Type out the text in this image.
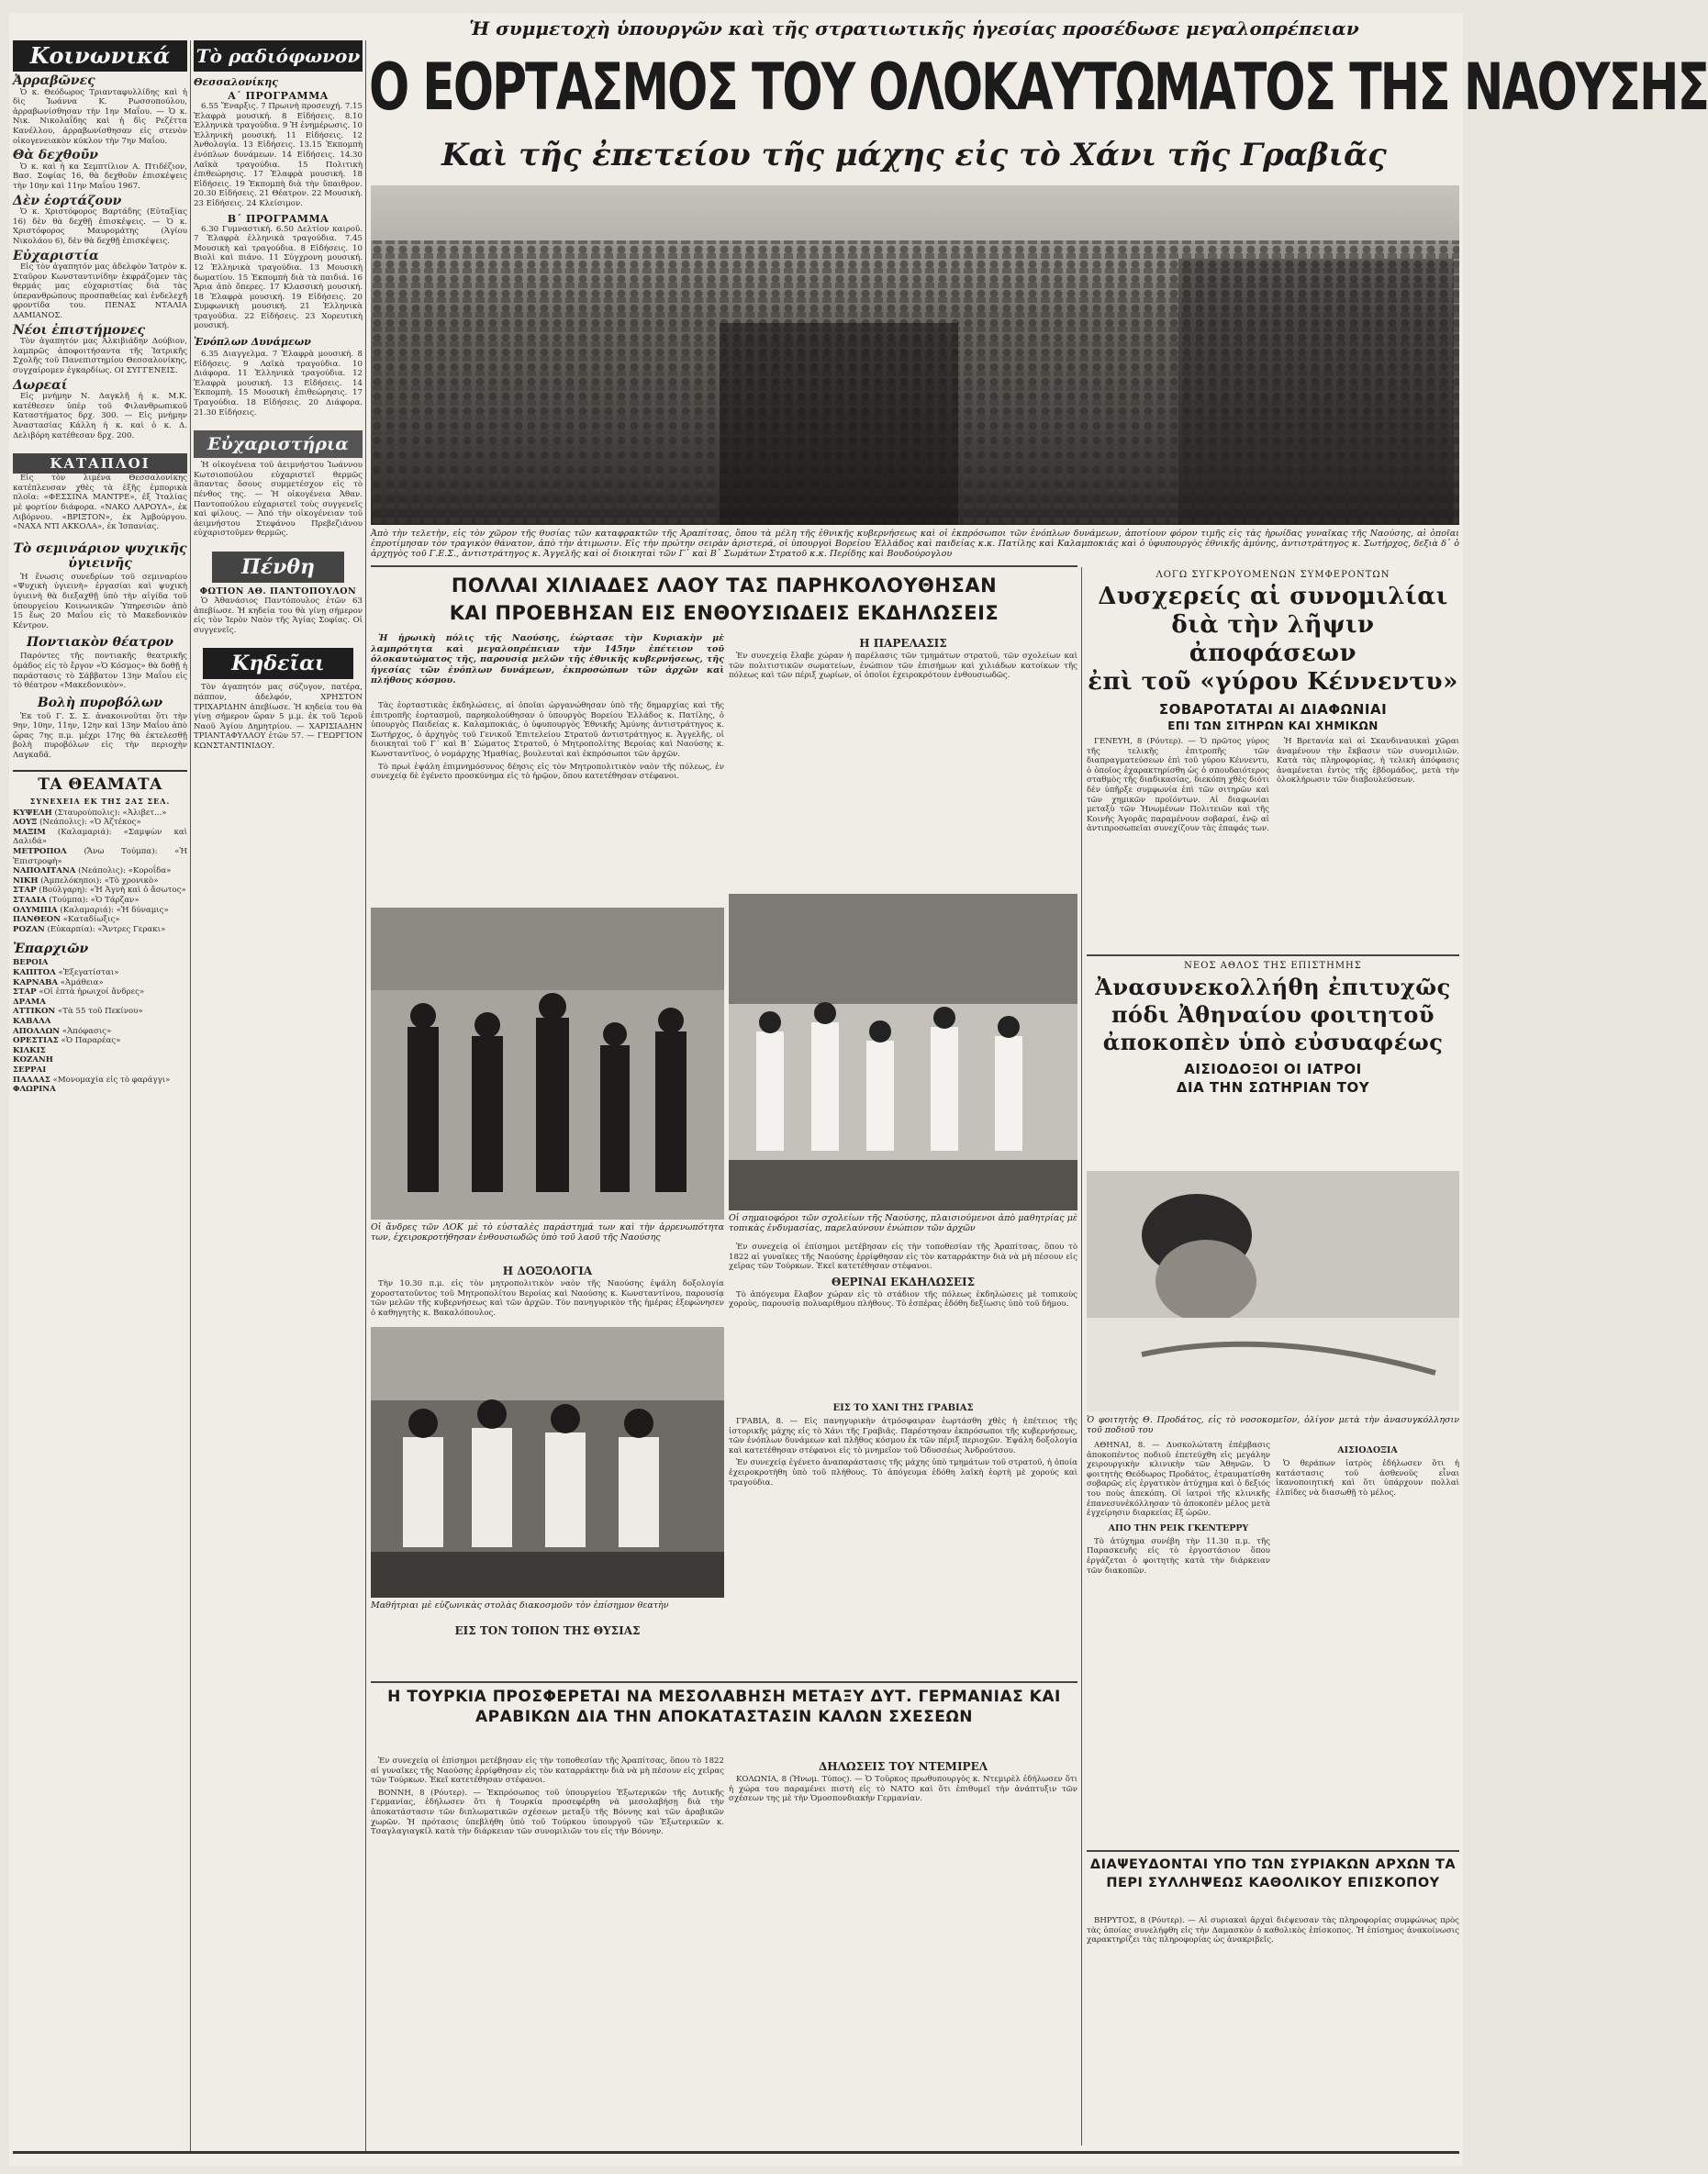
Κοινωνικά
Ἀρραβῶνες

Ὁ κ. Θεόδωρος Τριανταφυλλίδης καὶ ἡ δὶς Ἰωάννα Κ. Ρωσσοπούλου, ἀρραβωνίσθησαν τὴν 1ην Μαΐου. — Ὁ κ. Νικ. Νικολαΐδης καὶ ἡ δὶς Ρεζέττα Κανέλλου, ἀρραβωνίσθησαν εἰς στενὸν οἰκογενειακὸν κύκλον τὴν 7ην Μαΐου.

Θὰ δεχθοῦν

Ὁ κ. καὶ ἡ κα Σεμπτίλιον Α. Πτιδέζιον, Βασ. Σοφίας 16, θὰ δεχθοῦν ἐπισκέψεις τὴν 10ην καὶ 11ην Μαΐου 1967.

Δὲν ἑορτάζουν

Ὁ κ. Χριστόφορος Βαρτάδης (Εὐταξίας 16) δὲν θὰ δεχθῇ ἐπισκέψεις. — Ὁ κ. Χριστόφορος Μαυρομάτης (Ἁγίου Νικολάου 6), δὲν θὰ δεχθῇ ἐπισκέψεις.

Εὐχαριστία

Εἰς τὸν ἀγαπητόν μας ἀδελφὸν Ἰατρὸν κ. Σταῦρον Κωνσταντινίδην ἐκφράζομεν τὰς θερμάς μας εὐχαριστίας διὰ τὰς ὑπερανθρώπους προσπαθείας καὶ ἐνδελεχῆ φροντίδα του. ΠΕΝΑΣ ΝΤΑΛΙΑ ΔΑΜΙΑΝΟΣ.

Νέοι ἐπιστήμονες

Τὸν ἀγαπητόν μας Ἀλκιβιάδην Δούβιον, λαμπρῶς ἀποφοιτήσαντα τῆς Ἰατρικῆς Σχολῆς τοῦ Πανεπιστημίου Θεσσαλονίκης, συγχαίρομεν ἐγκαρδίως. ΟΙ ΣΥΓΓΕΝΕΙΣ.

Δωρεαί

Εἰς μνήμην Ν. Δαγκλῆ ἡ κ. Μ.Κ. κατέθεσεν ὑπὲρ τοῦ Φιλανθρωπικοῦ Καταστήματος δρχ. 300. — Εἰς μνήμην Ἀναστασίας Κάλλη ἡ κ. καὶ ὁ κ. Δ. Δελιβόρη κατέθεσαν δρχ. 200.

ΚΑΤΑΠΛΟΙ

Εἰς τὸν λιμένα Θεσσαλονίκης κατέπλευσαν χθὲς τὰ ἑξῆς ἐμπορικὰ πλοῖα: «ΦΕΣΣΙΝΑ ΜΑΝΤΡΕ», ἐξ Ἰταλίας μὲ φορτίον διάφορα. «ΝΑΚΟ ΛΑΡΟΥΛ», ἐκ Λιβόρνου. «ΒΡΙΞΤΟΝ», ἐκ Ἀμβούργου. «ΝΑΧΑ ΝΤΙ ΑΚΚΟΛΑ», ἐκ Ἰσπανίας.

Τὸ σεμινάριον ψυχικῆς ὑγιεινῆς

Ἡ ἕνωσις συνεδρίων τοῦ σεμιναρίου «Ψυχικὴ ὑγιεινὴ» ἐργασίαι καὶ ψυχικὴ ὑγιεινὴ θὰ διεξαχθῇ ὑπὸ τὴν αἰγίδα τοῦ ὑπουργείου Κοινωνικῶν Ὑπηρεσιῶν ἀπὸ 15 ἕως 20 Μαΐου εἰς τὸ Μακεδονικὸν Κέντρον.

Ποντιακὸν θέατρον

Παρόντες τῆς ποντιακῆς θεατρικῆς ὁμάδος εἰς τὸ ἔργον «Ὁ Κόσμος» θὰ δοθῇ ἡ παράστασις τὸ Σάββατον 13ην Μαΐου εἰς τὸ θέατρον «Μακεδονικὸν».

Βολὴ πυροβόλων

Ἐκ τοῦ Γ. Σ. Σ. ἀνακοινοῦται ὅτι τὴν 9ην, 10ην, 11ην, 12ην καὶ 13ην Μαΐου ἀπὸ ὥρας 7ης π.μ. μέχρι 17ης θὰ ἐκτελεσθῇ βολὴ πυροβόλων εἰς τὴν περιοχὴν Λαγκαδᾶ.

ΤΑ ΘΕΑΜΑΤΑ
ΣΥΝΕΧΕΙΑ ΕΚ ΤΗΣ 2ΑΣ ΣΕΛ.
ΚΥΨΕΛΗ (Σταυρούπολις): «Ἀλιβετ...»
ΛΟΥΞ (Νεάπολις): «Ὁ Ἀζτέκος»
ΜΑΞΙΜ (Καλαμαριά): «Σαμψὼν καὶ Δαλιδά»
ΜΕΤΡΟΠΟΛ (Ἄνω Τούμπα): «Ἡ Ἐπιστροφὴ»
ΝΑΠΟΛΙΤΑΝΑ (Νεάπολις): «Κοροΐδα»
ΝΙΚΗ (Ἀμπελόκηποι): «Τὸ χρονικὸ»
ΣΤΑΡ (Βούλγαρη): «Ἡ Ἀγνὴ καὶ ὁ ἄσωτος»
ΣΤΑΔΙΑ (Τούμπα): «Ὁ Τάρζαν»
ΟΛΥΜΠΙΑ (Καλαμαριά): «Ἡ δύναμις»
ΠΑΝΘΕΟΝ «Καταδίωξις»
ΡΟΖΑΝ (Εὐκαρπία): «Ἄντρες Γερακι»
Ἐπαρχιῶν
ΒΕΡΟΙΑ
ΚΑΠΙΤΟΛ «Ἐξεγατίσται»
ΚΑΡΝΑΒΑ «Ἀμάθεια»
ΣΤΑΡ «Οἱ ἑπτὰ ἠρωιχοί ἄνδρες»
ΔΡΑΜΑ
ΑΤΤΙΚΟΝ «Τὰ 55 τοῦ Πεκίνου»
ΚΑΒΑΛΑ
ΑΠΟΛΛΩΝ «Ἀπόφασις»
ΟΡΕΣΤΙΑΣ «Ὁ Παραρέας»
ΚΙΛΚΙΣ
ΚΟΖΑΝΗ
ΣΕΡΡΑΙ
ΠΑΛΛΑΣ «Μονομαχία εἰς τὸ φαράγγι»
ΦΛΩΡΙΝΑ
Τὸ ραδιόφωνον
Θεσσαλονίκης
Α΄ ΠΡΟΓΡΑΜΜΑ

6.55 Ἔναρξις. 7 Πρωινὴ προσευχή. 7.15 Ἐλαφρὰ μουσική. 8 Εἰδήσεις. 8.10 Ἑλληνικὰ τραγούδια. 9 Ἡ ἐνημέρωσις. 10 Ἑλληνικὴ μουσική. 11 Εἰδήσεις. 12 Ἀνθολογία. 13 Εἰδήσεις. 13.15 Ἐκπομπὴ ἐνόπλων δυνάμεων. 14 Εἰδήσεις. 14.30 Λαϊκὰ τραγούδια. 15 Πολιτικὴ ἐπιθεώρησις. 17 Ἐλαφρὰ μουσική. 18 Εἰδήσεις. 19 Ἐκπομπὴ διὰ τὴν ὕπαιθρον. 20.30 Εἰδήσεις. 21 Θέατρον. 22 Μουσικὴ. 23 Εἰδήσεις. 24 Κλείσιμον.

Β΄ ΠΡΟΓΡΑΜΜΑ

6.30 Γυμναστική. 6.50 Δελτίον καιροῦ. 7 Ἐλαφρὰ ἑλληνικὰ τραγούδια. 7.45 Μουσικὴ καὶ τραγούδια. 8 Εἰδήσεις. 10 Βιολὶ καὶ πιάνο. 11 Σύγχρονη μουσική. 12 Ἑλληνικὰ τραγούδια. 13 Μουσικὴ δωματίου. 15 Ἐκπομπὴ διὰ τὰ παιδιά. 16 Ἄρια ἀπὸ ὄπερες. 17 Κλασσικὴ μουσική. 18 Ἐλαφρὰ μουσική. 19 Εἰδήσεις. 20 Συμφωνικὴ μουσική. 21 Ἑλληνικὰ τραγούδια. 22 Εἰδήσεις. 23 Χορευτικὴ μουσική.

Ἐνόπλων Δυνάμεων

6.35 Διαγγελμα. 7 Ἐλαφρὰ μουσική. 8 Εἰδήσεις. 9 Λαϊκὰ τραγούδια. 10 Διάφορα. 11 Ἑλληνικὰ τραγούδια. 12 Ἐλαφρὰ μουσική. 13 Εἰδήσεις. 14 Ἐκπομπὴ. 15 Μουσικὴ ἐπιθεώρησις. 17 Τραγούδια. 18 Εἰδήσεις. 20 Διάφορα. 21.30 Εἰδήσεις.

Εὐχαριστήρια

Ἡ οἰκογένεια τοῦ ἀειμνήστου Ἰωάννου Κωτσιοπούλου εὐχαριστεῖ θερμῶς ἅπαντας ὅσους συμμετέσχον εἰς τὸ πένθος της. — Ἡ οἰκογένεια Ἀθαν. Παντοπούλου εὐχαριστεῖ τοὺς συγγενεῖς καὶ φίλους. — Ἀπό τὴν οἰκογένειαν τοῦ ἀειμνήστου Στεφάνου Πρεβεζιάνου εὐχαριστοῦμεν θερμῶς.

Πένθη
ΦΩΤΙΟΝ ΑΘ. ΠΑΝΤΟΠΟΥΛΟΝ

Ὁ Ἀθανάσιος Παντόπουλος ἐτῶν 63 ἀπεβίωσε. Ἡ κηδεία του θὰ γίνῃ σήμερον εἰς τὸν Ἱερὸν Ναὸν τῆς Ἁγίας Σοφίας. Οἱ συγγενεῖς.

Κηδεῖαι

Τὸν ἀγαπητόν μας σύζυγον, πατέρα, πάππον, ἀδελφόν, ΧΡΗΣΤΟΝ ΤΡΙΧΑΡΙΔΗΝ ἀπεβίωσε. Ἡ κηδεία του θὰ γίνῃ σήμερον ὥραν 5 μ.μ. ἐκ τοῦ Ἱεροῦ Ναοῦ Ἁγίου Δημητρίου. — ΧΑΡΙΣΙΑΔΗΝ ΤΡΙΑΝΤΑΦΥΛΛΟΥ ἐτῶν 57. — ΓΕΩΡΓΙΟΝ ΚΩΝΣΤΑΝΤΙΝΙΔΟΥ.

Ἡ συμμετοχὴ ὑπουργῶν καὶ τῆς στρατιωτικῆς ἡγεσίας προσέδωσε μεγαλοπρέπειαν
Ο ΕΟΡΤΑΣΜΟΣ ΤΟΥ ΟΛΟΚΑΥΤΩΜΑΤΟΣ ΤΗΣ ΝΑΟΥΣΗΣ
Καὶ τῆς ἐπετείου τῆς μάχης εἰς τὸ Χάνι τῆς Γραβιᾶς
Ἀπὸ τὴν τελετὴν, εἰς τὸν χῶρον τῆς θυσίας τῶν καταφρακτῶν τῆς Ἀραπίτσας, ὅπου τὰ μέλη τῆς ἐθνικῆς κυβερνήσεως καὶ οἱ ἐκπρόσωποι τῶν ἐνόπλων δυνάμεων, ἀποτίουν φόρον τιμῆς εἰς τὰς ἡρωίδας γυναῖκας τῆς Ναούσης, αἱ ὁποῖαι ἐπροτίμησαν τὸν τραγικὸν θάνατον, ἀπὸ τὴν ἀτιμωσιν. Εἰς τὴν πρώτην σειρὰν ἀριστερά, οἱ ὑπουργοὶ Βορείου Ἑλλάδος καὶ παιδείας κ.κ. Πατίλης καὶ Καλαμποκιάς καὶ ὁ ὑφυπουργὸς ἐθνικῆς ἀμύνης, ἀντιστράτηγος κ. Σωτήρχος, δεξιὰ δ᾽ ὁ ἀρχηγὸς τοῦ Γ.Ε.Σ., ἀντιστράτηγος κ. Ἀγγελῆς καὶ οἱ διοικηταὶ τῶν Γ᾽ καὶ Β᾽ Σωμάτων Στρατοῦ κ.κ. Περίδης καὶ Βουδούρογλου
ΠΟΛΛΑΙ ΧΙΛΙΑΔΕΣ ΛΑΟΥ ΤΑΣ ΠΑΡΗΚΟΛΟΥΘΗΣΑΝ
ΚΑΙ ΠΡΟΕΒΗΣΑΝ ΕΙΣ ΕΝΘΟΥΣΙΩΔΕΙΣ ΕΚΔΗΛΩΣΕΙΣ

Ἡ ἡρωικὴ πόλις τῆς Ναούσης, ἑώρτασε τὴν Κυριακὴν μὲ λαμπρότητα καὶ μεγαλοπρέπειαν τὴν 145ην ἐπέτειον τοῦ ὁλοκαυτώματος τῆς, παρουσίᾳ μελῶν τῆς ἐθνικῆς κυβερνήσεως, τῆς ἡγεσίας τῶν ἐνόπλων δυνάμεων, ἐκπροσώπων τῶν ἀρχῶν καὶ πλήθους κόσμου.

Τὰς ἑορταστικὰς ἐκδηλώσεις, αἱ ὁποῖαι ὠργανώθησαν ὑπὸ τῆς δημαρχίας καὶ τῆς ἐπιτροπῆς ἑορτασμοῦ, παρηκολούθησαν ὁ ὑπουργὸς Βορείου Ἑλλάδος κ. Πατίλης, ὁ ὑπουργὸς Παιδείας κ. Καλαμποκιάς, ὁ ὑφυπουργὸς Ἐθνικῆς Ἀμύνης ἀντιστράτηγος κ. Σωτήρχος, ὁ ἀρχηγὸς τοῦ Γενικοῦ Ἐπιτελείου Στρατοῦ ἀντιστράτηγος κ. Ἀγγελῆς, οἱ διοικηταὶ τοῦ Γ΄ καὶ Β΄ Σώματος Στρατοῦ, ὁ Μητροπολίτης Βεροίας καὶ Ναούσης κ. Κωνσταντῖνος, ὁ νομάρχης Ἡμαθίας, βουλευταὶ καὶ ἐκπρόσωποι τῶν ἀρχῶν.

Τὸ πρωὶ ἐψάλη ἐπιμνημόσυνος δέησις εἰς τὸν Μητροπολιτικὸν ναὸν τῆς πόλεως, ἐν συνεχείᾳ δὲ ἐγένετο προσκύνημα εἰς τὸ ἡρῷον, ὅπου κατετέθησαν στέφανοι.

Η ΠΑΡΕΛΑΣΙΣ

Ἐν συνεχείᾳ ἔλαβε χώραν ἡ παρέλασις τῶν τμημάτων στρατοῦ, τῶν σχολείων καὶ τῶν πολιτιστικῶν σωματείων, ἐνώπιον τῶν ἐπισήμων καὶ χιλιάδων κατοίκων τῆς πόλεως καὶ τῶν πέριξ χωρίων, οἱ ὁποῖοι ἐχειροκρότουν ἐνθουσιωδῶς.

Οἱ ἄνδρες τῶν ΛΟΚ μὲ τὸ εὐσταλὲς παράστημά των καὶ τὴν ἀρρενωπότητα των, ἐχειροκροτήθησαν ἐνθουσιωδῶς ὑπὸ τοῦ λαοῦ τῆς Ναούσης
Οἱ σημαιοφόροι τῶν σχολείων τῆς Ναούσης, πλαισιούμενοι ἀπὸ μαθητρίας μὲ τοπικὰς ἐνδυμασίας, παρελαύνουν ἐνώπιον τῶν ἀρχῶν
Η ΔΟΞΟΛΟΓΙΑ

Τὴν 10.30 π.μ. εἰς τὸν μητροπολιτικὸν ναὸν τῆς Ναούσης ἐψάλη δοξολογία χοροστατοῦντος τοῦ Μητροπολίτου Βεροίας καὶ Ναούσης κ. Κωνσταντίνου, παρουσίᾳ τῶν μελῶν τῆς κυβερνήσεως καὶ τῶν ἀρχῶν. Τὸν πανηγυρικὸν τῆς ἡμέρας ἐξεφώνησεν ὁ καθηγητὴς κ. Βακαλόπουλος.

Μαθήτριαι μὲ εὐζωνικὰς στολὰς διακοσμοῦν τὸν ἐπίσημον θεατὴν

Ἐν συνεχείᾳ οἱ ἐπίσημοι μετέβησαν εἰς τὴν τοποθεσίαν τῆς Ἀραπίτσας, ὅπου τὸ 1822 αἱ γυναῖκες τῆς Ναούσης ἐρρίφθησαν εἰς τὸν καταρράκτην διὰ νὰ μὴ πέσουν εἰς χεῖρας τῶν Τούρκων. Ἐκεῖ κατετέθησαν στέφανοι.

ΘΕΡΙΝΑΙ ΕΚΔΗΛΩΣΕΙΣ

Τὸ ἀπόγευμα ἔλαβον χώραν εἰς τὸ στάδιον τῆς πόλεως ἐκδηλώσεις μὲ τοπικοὺς χοροὺς, παρουσίᾳ πολυαρίθμου πλήθους. Τὸ ἑσπέρας ἐδόθη δεξίωσις ὑπὸ τοῦ δήμου.

ΕΙΣ ΤΟΝ ΤΟΠΟΝ ΤΗΣ ΘΥΣΙΑΣ
Η ΤΟΥΡΚΙΑ ΠΡΟΣΦΕΡΕΤΑΙ ΝΑ ΜΕΣΟΛΑΒΗΣΗ ΜΕΤΑΞΥ ΔΥΤ. ΓΕΡΜΑΝΙΑΣ ΚΑΙ ΑΡΑΒΙΚΩΝ ΔΙΑ ΤΗΝ ΑΠΟΚΑΤΑΣΤΑΣΙΝ ΚΑΛΩΝ ΣΧΕΣΕΩΝ

Ἐν συνεχείᾳ οἱ ἐπίσημοι μετέβησαν εἰς τὴν τοποθεσίαν τῆς Ἀραπίτσας, ὅπου τὸ 1822 αἱ γυναῖκες τῆς Ναούσης ἐρρίφθησαν εἰς τὸν καταρράκτην διὰ νὰ μὴ πέσουν εἰς χεῖρας τῶν Τούρκων. Ἐκεῖ κατετέθησαν στέφανοι.

ΒΟΝΝΗ, 8 (Ρόυτερ). — Ἐκπρόσωπος τοῦ ὑπουργείου Ἐξωτερικῶν τῆς Δυτικῆς Γερμανίας, ἐδήλωσεν ὅτι ἡ Τουρκία προσεφέρθη νὰ μεσολαβήσῃ διὰ τὴν ἀποκατάστασιν τῶν διπλωματικῶν σχέσεων μεταξὺ τῆς Βόννης καὶ τῶν ἀραβικῶν χωρῶν. Ἡ πρότασις ὑπεβλήθη ὑπὸ τοῦ Τούρκου ὑπουργοῦ τῶν Ἐξωτερικῶν κ. Τσαγλαγιαγκίλ κατὰ τὴν διάρκειαν τῶν συνομιλιῶν του εἰς τὴν Βόννην.

ΔΗΛΩΣΕΙΣ ΤΟΥ ΝΤΕΜΙΡΕΛ

ΚΟΛΩΝΙΑ, 8 (Ἡνωμ. Τύπος). — Ὁ Τοῦρκος πρωθυπουργὸς κ. Ντεμιρὲλ ἐδήλωσεν ὅτι ἡ χώρα του παραμένει πιστὴ εἰς τὸ ΝΑΤΟ καὶ ὅτι ἐπιθυμεῖ τὴν ἀνάπτυξιν τῶν σχέσεων της μὲ τὴν Ὁμοσπονδιακὴν Γερμανίαν.

ΛΟΓΩ ΣΥΓΚΡΟΥΟΜΕΝΩΝ ΣΥΜΦΕΡΟΝΤΩΝ
Δυσχερείς αἱ συνομιλίαι
διὰ τὴν λῆψιν ἀποφάσεων
ἐπὶ τοῦ «γύρου Κέννεντυ»
ΣΟΒΑΡΟΤΑΤΑΙ ΑΙ ΔΙΑΦΩΝΙΑΙ
ΕΠΙ ΤΩΝ ΣΙΤΗΡΩΝ ΚΑΙ ΧΗΜΙΚΩΝ

ΓΕΝΕΥΗ, 8 (Ρόυτερ). — Ὁ πρῶτος γύρος τῆς τελικῆς ἐπιτροπῆς τῶν διαπραγματεύσεων ἐπὶ τοῦ γύρου Κέννεντυ, ὁ ὁποῖος ἐχαρακτηρίσθη ὡς ὁ σπουδαιότερος σταθμὸς τῆς διαδικασίας, διεκόπη χθὲς διότι δὲν ὑπῆρξε συμφωνία ἐπὶ τῶν σιτηρῶν καὶ τῶν χημικῶν προϊόντων. Αἱ διαφωνίαι μεταξὺ τῶν Ἡνωμένων Πολιτειῶν καὶ τῆς Κοινῆς Ἀγορᾶς παραμένουν σοβαραί, ἐνῷ αἱ ἀντιπροσωπεῖαι συνεχίζουν τὰς ἐπαφάς των.

Ἡ Βρετανία καὶ αἱ Σκανδιναυικαὶ χῶραι ἀναμένουν τὴν ἔκβασιν τῶν συνομιλιῶν. Κατὰ τὰς πληροφορίας, ἡ τελικὴ ἀπόφασις ἀναμένεται ἐντὸς τῆς ἑβδομάδος, μετὰ τὴν ὁλοκλήρωσιν τῶν διαβουλεύσεων.

ΝΕΟΣ ΑΘΛΟΣ ΤΗΣ ΕΠΙΣΤΗΜΗΣ
Ἀνασυνεκολλήθη ἐπιτυχῶς
πόδι Ἀθηναίου φοιτητοῦ
ἀποκοπὲν ὑπὸ εὐσυαφέως
ΑΙΣΙΟΔΟΞΟΙ ΟΙ ΙΑΤΡΟΙ
ΔΙΑ ΤΗΝ ΣΩΤΗΡΙΑΝ ΤΟΥ
Ὁ φοιτητὴς Θ. Προδάτος, εἰς τὸ νοσοκομεῖον, ὀλίγον μετὰ τὴν ἀνασυγκόλλησιν τοῦ ποδιοῦ του

ΑΘΗΝΑΙ, 8. — Δυσκολώτατη ἐπέμβασις ἀποκοπέντος ποδιοῦ ἐπετεύχθη εἰς μεγάλην χειρουργικὴν κλινικὴν τῶν Ἀθηνῶν. Ὁ φοιτητὴς Θεόδωρος Προδάτος, ἐτραυματίσθη σοβαρῶς εἰς ἐργατικὸν ἀτύχημα καὶ ὁ δεξιός του ποὺς ἀπεκόπη. Οἱ ἰατροὶ τῆς κλινικῆς ἐπανεσυνέκόλλησαν τὸ ἀποκοπὲν μέλος μετὰ ἐγχείρησιν διαρκείας ἕξ ὡρῶν.

ΑΠΟ ΤΗΝ ΡΕΙΚ ΓΚΕΝΤΕΡΡΥ

Τὸ ἀτύχημα συνέβη τὴν 11.30 π.μ. τῆς Παρασκευῆς εἰς τὸ ἐργοστάσιον ὅπου ἐργάζεται ὁ φοιτητὴς κατὰ τὴν διάρκειαν τῶν διακοπῶν.

ΑΙΣΙΟΔΟΞΙΑ

Ὁ θεράπων ἰατρὸς ἐδήλωσεν ὅτι ἡ κατάστασις τοῦ ἀσθενοῦς εἶναι ἱκανοποιητική καὶ ὅτι ὑπάρχουν πολλαὶ ἐλπίδες νὰ διασωθῇ τὸ μέλος.

ΕΙΣ ΤΟ ΧΑΝΙ ΤΗΣ ΓΡΑΒΙΑΣ

ΓΡΑΒΙΑ, 8. — Εἰς πανηγυρικὴν ἀτμόσφαιραν ἑωρτάσθη χθὲς ἡ ἐπέτειος τῆς ἱστορικῆς μάχης εἰς τὸ Χάνι τῆς Γραβιᾶς. Παρέστησαν ἐκπρόσωποι τῆς κυβερνήσεως, τῶν ἐνόπλων δυνάμεων καὶ πλῆθος κόσμου ἐκ τῶν πέριξ περιοχῶν. Ἐψάλη δοξολογία καὶ κατετέθησαν στέφανοι εἰς τὸ μνημεῖον τοῦ Ὀδυσσέως Ἀνδρούτσου.

Ἐν συνεχείᾳ ἐγένετο ἀναπαράστασις τῆς μάχης ὑπὸ τμημάτων τοῦ στρατοῦ, ἡ ὁποία ἐχειροκροτήθη ὑπὸ τοῦ πλήθους. Τὸ ἀπόγευμα ἐδόθη λαϊκὴ ἑορτὴ μὲ χορούς καὶ τραγούδια.

ΔΙΑΨΕΥΔΟΝΤΑΙ ΥΠΟ ΤΩΝ ΣΥΡΙΑΚΩΝ ΑΡΧΩΝ ΤΑ ΠΕΡΙ ΣΥΛΛΗΨΕΩΣ ΚΑΘΟΛΙΚΟΥ ΕΠΙΣΚΟΠΟΥ

ΒΗΡΥΤΟΣ, 8 (Ρόυτερ). — Αἱ συριακαὶ ἀρχαὶ διέψευσαν τὰς πληροφορίας συμφώνως πρὸς τὰς ὁποίας συνελήφθη εἰς τὴν Δαμασκὸν ὁ καθολικὸς ἐπίσκοπος. Ἡ ἐπίσημος ἀνακοίνωσις χαρακτηρίζει τὰς πληροφορίας ὡς ἀνακριβεῖς.
